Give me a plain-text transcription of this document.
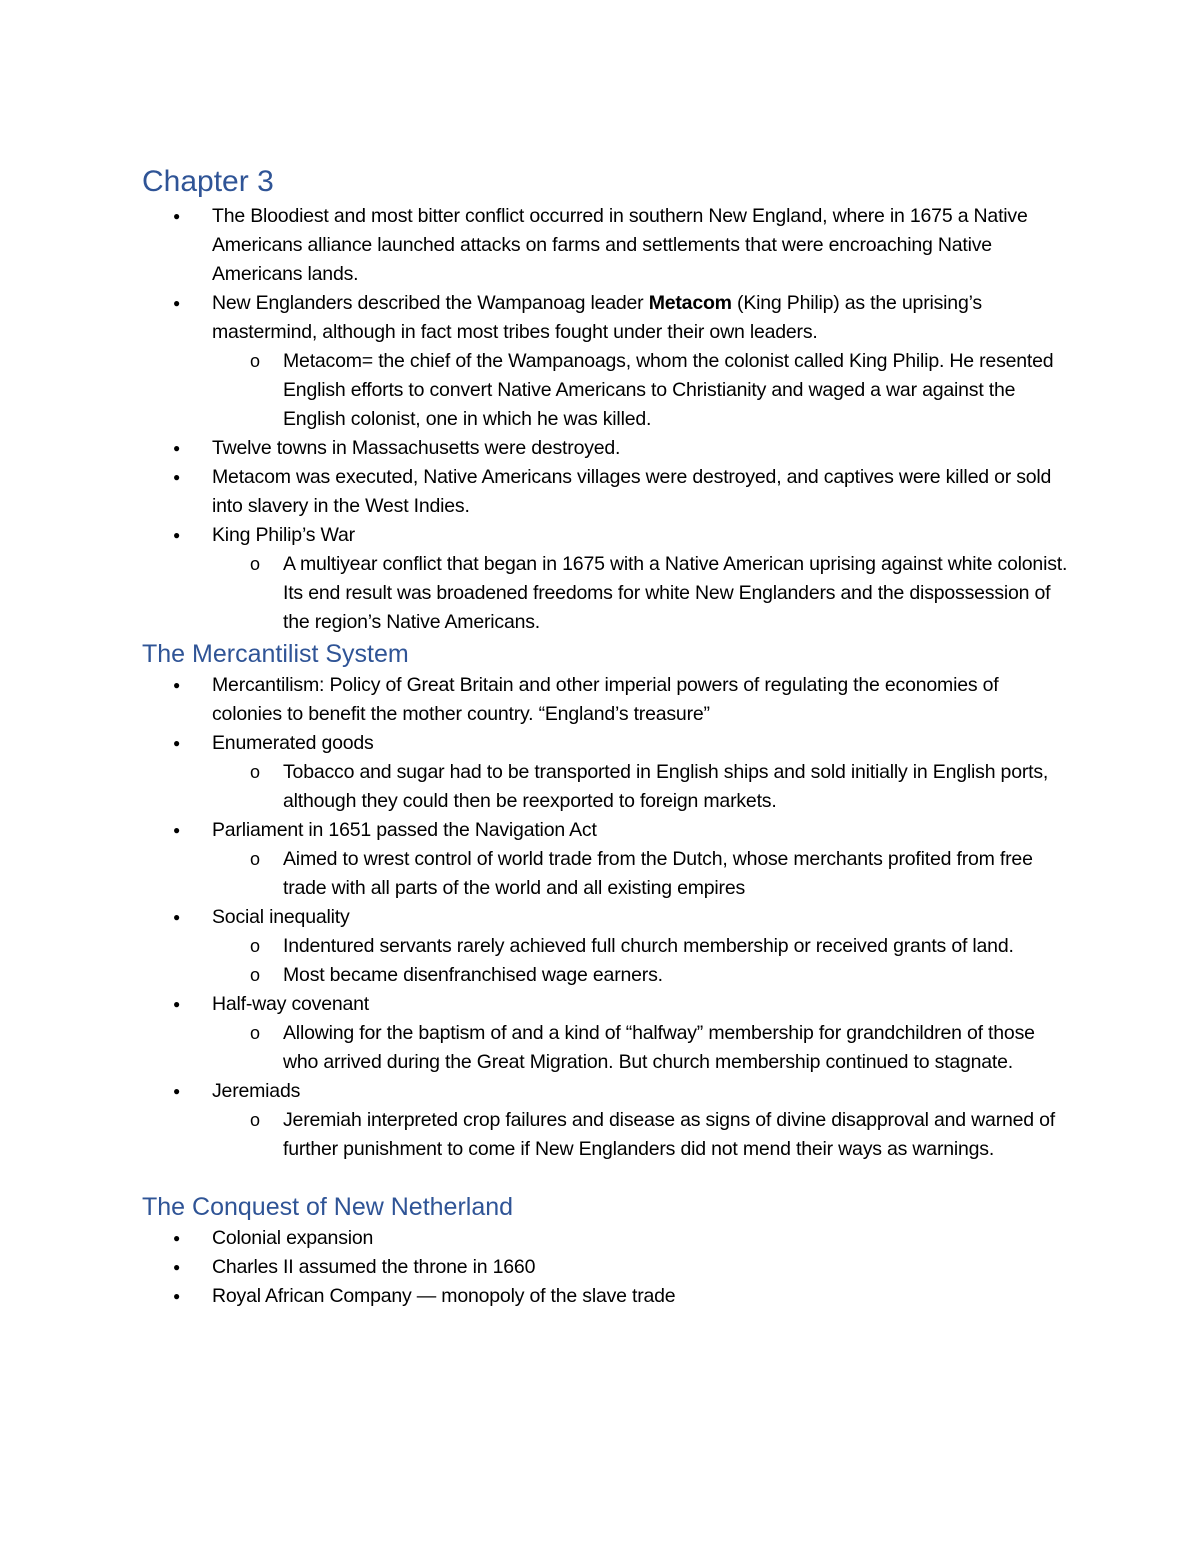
Chapter 3
● The Bloodiest and most bitter conflict occurred in southern New England, where in 1675 a Native Americans alliance launched attacks on farms and settlements that were encroaching Native Americans lands.
● New Englanders described the Wampanoag leader Metacom (King Philip) as the uprising’s mastermind, although in fact most tribes fought under their own leaders.
o Metacom= the chief of the Wampanoags, whom the colonist called King Philip. He resented English efforts to convert Native Americans to Christianity and waged a war against the English colonist, one in which he was killed.
● Twelve towns in Massachusetts were destroyed.
● Metacom was executed, Native Americans villages were destroyed, and captives were killed or sold into slavery in the West Indies.
● King Philip’s War
o A multiyear conflict that began in 1675 with a Native American uprising against white colonist. Its end result was broadened freedoms for white New Englanders and the dispossession of the region’s Native Americans.
The Mercantilist System
● Mercantilism: Policy of Great Britain and other imperial powers of regulating the economies of colonies to benefit the mother country. “England’s treasure”
● Enumerated goods
o Tobacco and sugar had to be transported in English ships and sold initially in English ports, although they could then be reexported to foreign markets.
● Parliament in 1651 passed the Navigation Act
o Aimed to wrest control of world trade from the Dutch, whose merchants profited from free trade with all parts of the world and all existing empires
● Social inequality
o Indentured servants rarely achieved full church membership or received grants of land.
o Most became disenfranchised wage earners.
● Half-way covenant
o Allowing for the baptism of and a kind of “halfway” membership for grandchildren of those who arrived during the Great Migration. But church membership continued to stagnate.
● Jeremiads
o Jeremiah interpreted crop failures and disease as signs of divine disapproval and warned of further punishment to come if New Englanders did not mend their ways as warnings.
The Conquest of New Netherland
● Colonial expansion
● Charles II assumed the throne in 1660
● Royal African Company — monopoly of the slave trade
